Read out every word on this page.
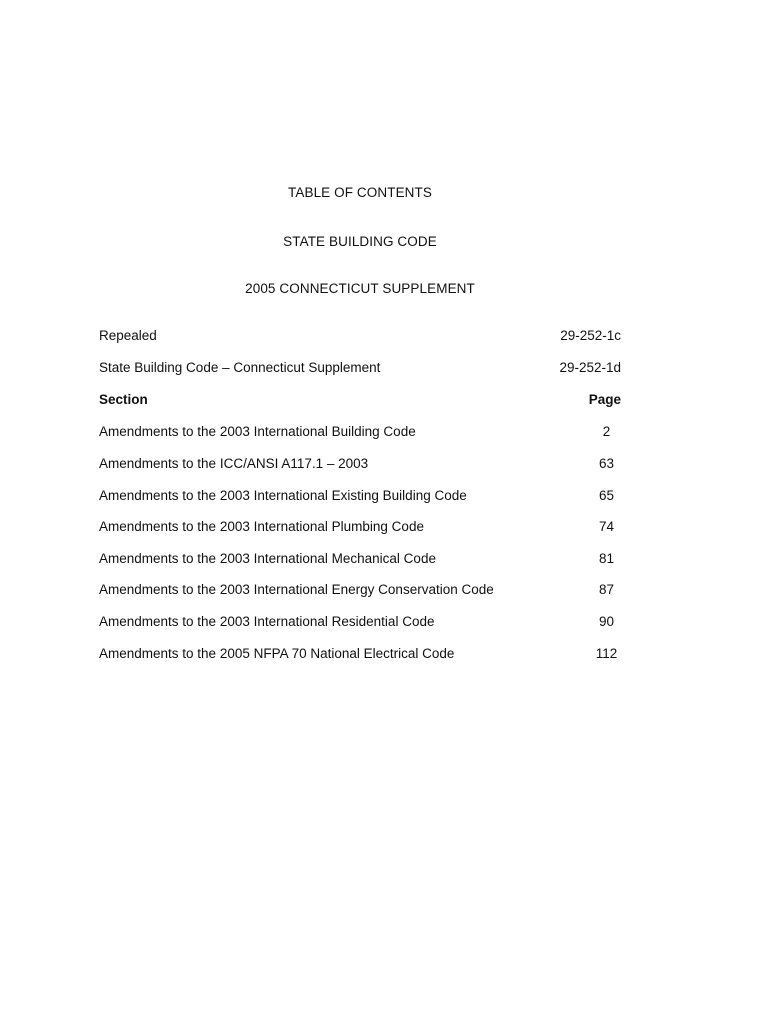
TABLE OF CONTENTS
STATE BUILDING CODE
2005 CONNECTICUT SUPPLEMENT
Repealed	29-252-1c
State Building Code – Connecticut Supplement	29-252-1d
Section	Page
Amendments to the 2003 International Building Code	2
Amendments to the ICC/ANSI A117.1 – 2003	63
Amendments to the 2003 International Existing Building Code	65
Amendments to the 2003 International Plumbing Code	74
Amendments to the 2003 International Mechanical Code	81
Amendments to the 2003 International Energy Conservation Code	87
Amendments to the 2003 International Residential Code	90
Amendments to the 2005 NFPA 70 National Electrical Code	112
